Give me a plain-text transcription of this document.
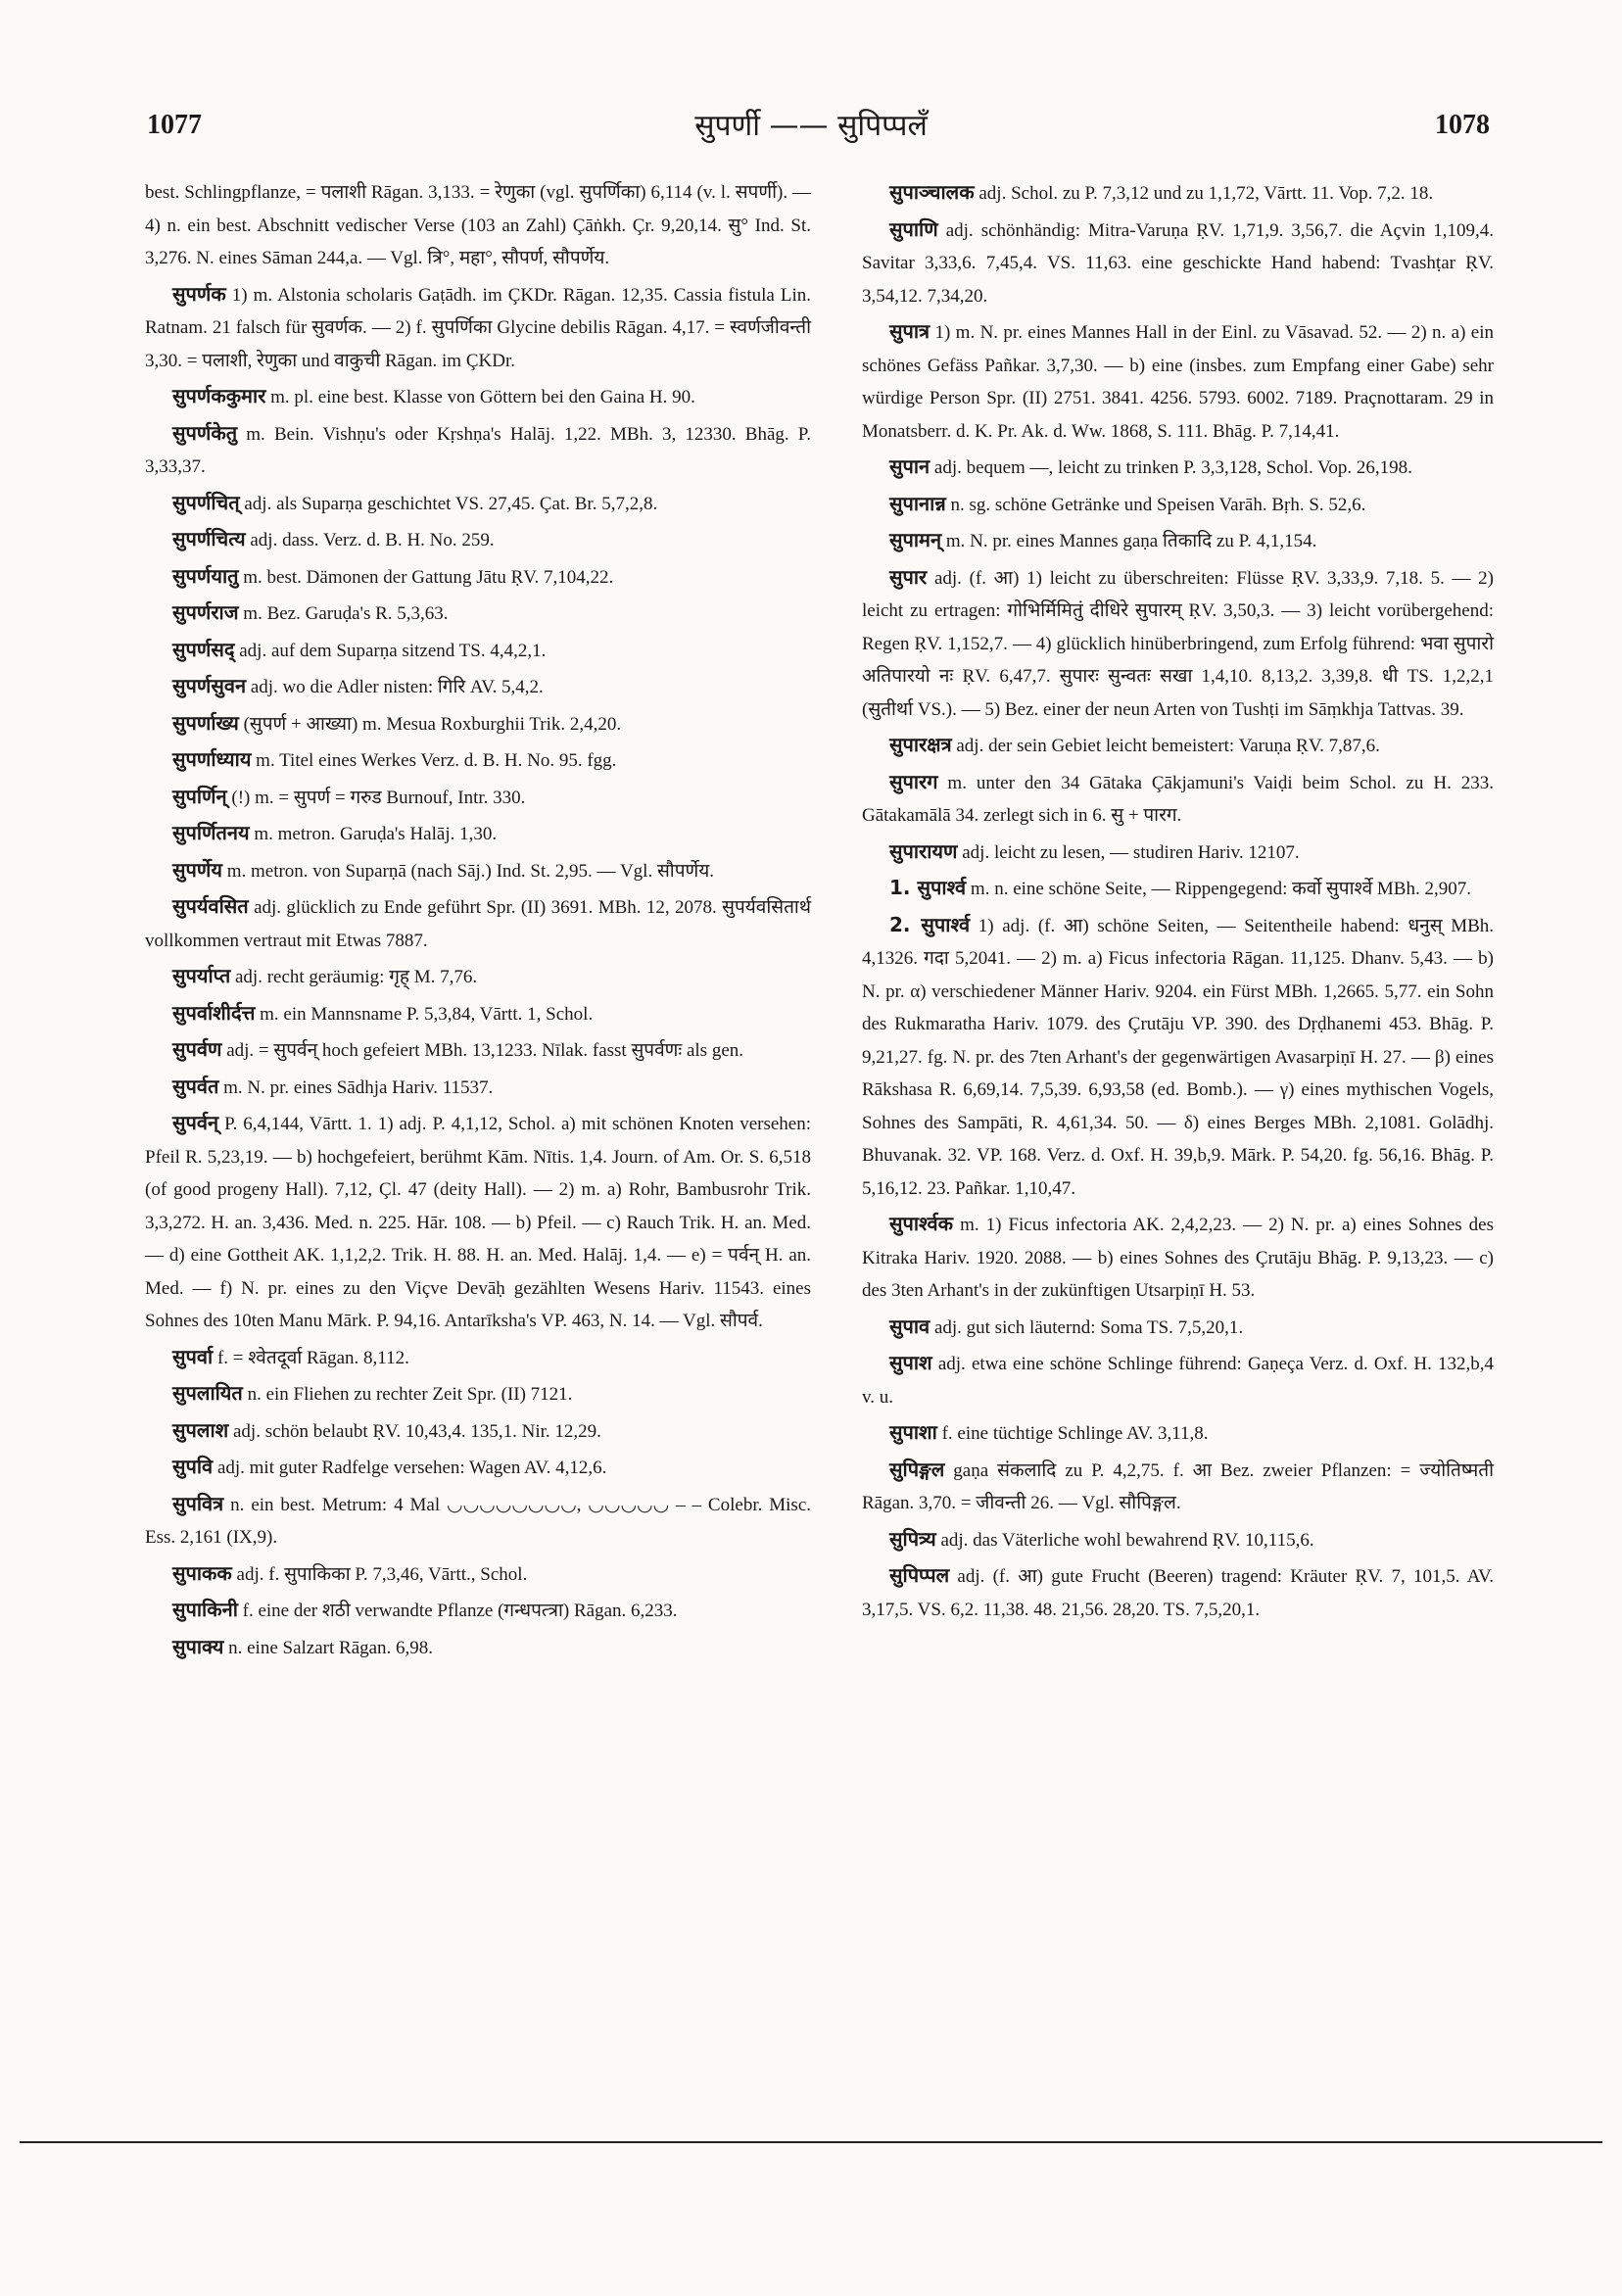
1077	सुपर्णी —— सुपिप्पलँ	1078

best. Schlingpflanze, = पलाशी Rāgan. 3,133. = रेणुका (vgl. सुपर्णिका) 6,114 (v. l. सपर्णी). — 4) n. ein best. Abschnitt vedischer Verse (103 an Zahl) Çāṅkh. Çr. 9,20,14. सु° Ind. St. 3,276. N. eines Sāman 244,a. — Vgl. त्रि°, महा°, सौपर्ण, सौपर्णेय.

सुपर्णक 1) m. Alstonia scholaris Gaṭādh. im ÇKDr. Rāgan. 12,35. Cassia fistula Lin. Ratnam. 21 falsch für सुवर्णक. — 2) f. सुपर्णिका Glycine debilis Rāgan. 4,17. = स्वर्णजीवन्ती 3,30. = पलाशी, रेणुका und वाकुची Rāgan. im ÇKDr.

सुपर्णककुमार m. pl. eine best. Klasse von Göttern bei den Gaina H. 90.

सुपर्णकेतु m. Bein. Vishṇu's oder Kṛshṇa's Halāj. 1,22. MBh. 3, 12330. Bhāg. P. 3,33,37.

सुपर्णचित् adj. als Suparṇa geschichtet VS. 27,45. Çat. Br. 5,7,2,8.

सुपर्णचित्य adj. dass. Verz. d. B. H. No. 259.

सुपर्णयातु m. best. Dämonen der Gattung Jātu ṚV. 7,104,22.

सुपर्णराज m. Bez. Garuḍa's R. 5,3,63.

सुपर्णसद् adj. auf dem Suparṇa sitzend TS. 4,4,2,1.

सुपर्णसुवन adj. wo die Adler nisten: गिरि AV. 5,4,2.

सुपर्णाख्य (सुपर्ण + आख्या) m. Mesua Roxburghii Trik. 2,4,20.

सुपर्णाध्याय m. Titel eines Werkes Verz. d. B. H. No. 95. fgg.

सुपर्णिन् (!) m. = सुपर्ण = गरुड Burnouf, Intr. 330.

सुपर्णितनय m. metron. Garuḍa's Halāj. 1,30.

सुपर्णेय m. metron. von Suparṇā (nach Sāj.) Ind. St. 2,95. — Vgl. सौपर्णेय.

सुपर्यवसित adj. glücklich zu Ende geführt Spr. (II) 3691. MBh. 12, 2078. सुपर्यवसितार्थ vollkommen vertraut mit Etwas 7887.

सुपर्याप्त adj. recht geräumig: गृह् M. 7,76.

सुपर्वाशीर्दत्त m. ein Mannsname P. 5,3,84, Vārtt. 1, Schol.

सुपर्वण adj. = सुपर्वन् hoch gefeiert MBh. 13,1233. Nīlak. fasst सुपर्वणः als gen.

सुपर्वत m. N. pr. eines Sādhja Hariv. 11537.

सुपर्वन् P. 6,4,144, Vārtt. 1. 1) adj. P. 4,1,12, Schol. a) mit schönen Knoten versehen: Pfeil R. 5,23,19. — b) hochgefeiert, berühmt Kām. Nītis. 1,4. Journ. of Am. Or. S. 6,518 (of good progeny Hall). 7,12, Çl. 47 (deity Hall). — 2) m. a) Rohr, Bambusrohr Trik. 3,3,272. H. an. 3,436. Med. n. 225. Hār. 108. — b) Pfeil. — c) Rauch Trik. H. an. Med. — d) eine Gottheit AK. 1,1,2,2. Trik. H. 88. H. an. Med. Halāj. 1,4. — e) = पर्वन् H. an. Med. — f) N. pr. eines zu den Viçve Devāḥ gezählten Wesens Hariv. 11543. eines Sohnes des 10ten Manu Mārk. P. 94,16. Antarīksha's VP. 463, N. 14. — Vgl. सौपर्व.

सुपर्वा f. = श्वेतदूर्वा Rāgan. 8,112.

सुपलायित n. ein Fliehen zu rechter Zeit Spr. (II) 7121.

सुपलाश adj. schön belaubt ṚV. 10,43,4. 135,1. Nir. 12,29.

सुपवि adj. mit guter Radfelge versehen: Wagen AV. 4,12,6.

सुपवित्र n. ein best. Metrum: 4 Mal ◡◡◡◡◡◡◡◡, ◡◡◡◡◡ – – Colebr. Misc. Ess. 2,161 (IX,9).

सुपाकक adj. f. सुपाकिका P. 7,3,46, Vārtt., Schol.

सुपाकिनी f. eine der शठी verwandte Pflanze (गन्धपत्त्रा) Rāgan. 6,233.

सुपाक्य n. eine Salzart Rāgan. 6,98.

सुपाञ्चालक adj. Schol. zu P. 7,3,12 und zu 1,1,72, Vārtt. 11. Vop. 7,2. 18.

सुपाणि adj. schönhändig: Mitra-Varuṇa ṚV. 1,71,9. 3,56,7. die Açvin 1,109,4. Savitar 3,33,6. 7,45,4. VS. 11,63. eine geschickte Hand habend: Tvashṭar ṚV. 3,54,12. 7,34,20.

सुपात्र 1) m. N. pr. eines Mannes Hall in der Einl. zu Vāsavad. 52. — 2) n. a) ein schönes Gefäss Pañkar. 3,7,30. — b) eine (insbes. zum Empfang einer Gabe) sehr würdige Person Spr. (II) 2751. 3841. 4256. 5793. 6002. 7189. Praçnottaram. 29 in Monatsberr. d. K. Pr. Ak. d. Ww. 1868, S. 111. Bhāg. P. 7,14,41.

सुपान adj. bequem —, leicht zu trinken P. 3,3,128, Schol. Vop. 26,198.

सुपानान्न n. sg. schöne Getränke und Speisen Varāh. Bṛh. S. 52,6.

सुपामन् m. N. pr. eines Mannes gaṇa तिकादि zu P. 4,1,154.

सुपार adj. (f. आ) 1) leicht zu überschreiten: Flüsse ṚV. 3,33,9. 7,18. 5. — 2) leicht zu ertragen: गोभिर्मिमितुं दीधिरे सुपारम् ṚV. 3,50,3. — 3) leicht vorübergehend: Regen ṚV. 1,152,7. — 4) glücklich hinüberbringend, zum Erfolg führend: भवा सुपारो अतिपारयो नः ṚV. 6,47,7. सुपारः सुन्वतः सखा 1,4,10. 8,13,2. 3,39,8. धी TS. 1,2,2,1 (सुतीर्था VS.). — 5) Bez. einer der neun Arten von Tushṭi im Sāṃkhja Tattvas. 39.

सुपारक्षत्र adj. der sein Gebiet leicht bemeistert: Varuṇa ṚV. 7,87,6.

सुपारग m. unter den 34 Gātaka Çākjamuni's Vaiḍi beim Schol. zu H. 233. Gātakamālā 34. zerlegt sich in 6. सु + पारग.

सुपारायण adj. leicht zu lesen, — studiren Hariv. 12107.

1. सुपार्श्व m. n. eine schöne Seite, — Rippengegend: कर्वो सुपार्श्वे MBh. 2,907.

2. सुपार्श्व 1) adj. (f. आ) schöne Seiten, — Seitentheile habend: धनुस् MBh. 4,1326. गदा 5,2041. — 2) m. a) Ficus infectoria Rāgan. 11,125. Dhanv. 5,43. — b) N. pr. α) verschiedener Männer Hariv. 9204. ein Fürst MBh. 1,2665. 5,77. ein Sohn des Rukmaratha Hariv. 1079. des Çrutāju VP. 390. des Dṛḍhanemi 453. Bhāg. P. 9,21,27. fg. N. pr. des 7ten Arhant's der gegenwärtigen Avasarpiṇī H. 27. — β) eines Rākshasa R. 6,69,14. 7,5,39. 6,93,58 (ed. Bomb.). — γ) eines mythischen Vogels, Sohnes des Sampāti, R. 4,61,34. 50. — δ) eines Berges MBh. 2,1081. Golādhj. Bhuvanak. 32. VP. 168. Verz. d. Oxf. H. 39,b,9. Mārk. P. 54,20. fg. 56,16. Bhāg. P. 5,16,12. 23. Pañkar. 1,10,47.

सुपार्श्वक m. 1) Ficus infectoria AK. 2,4,2,23. — 2) N. pr. a) eines Sohnes des Kitraka Hariv. 1920. 2088. — b) eines Sohnes des Çrutāju Bhāg. P. 9,13,23. — c) des 3ten Arhant's in der zukünftigen Utsarpiṇī H. 53.

सुपाव adj. gut sich läuternd: Soma TS. 7,5,20,1.

सुपाश adj. etwa eine schöne Schlinge führend: Gaṇeça Verz. d. Oxf. H. 132,b,4 v. u.

सुपाशा f. eine tüchtige Schlinge AV. 3,11,8.

सुपिङ्गल gaṇa संकलादि zu P. 4,2,75. f. आ Bez. zweier Pflanzen: = ज्योतिष्मती Rāgan. 3,70. = जीवन्ती 26. — Vgl. सौपिङ्गल.

सुपित्र्य adj. das Väterliche wohl bewahrend ṚV. 10,115,6.

सुपिप्पल adj. (f. आ) gute Frucht (Beeren) tragend: Kräuter ṚV. 7, 101,5. AV. 3,17,5. VS. 6,2. 11,38. 48. 21,56. 28,20. TS. 7,5,20,1.
